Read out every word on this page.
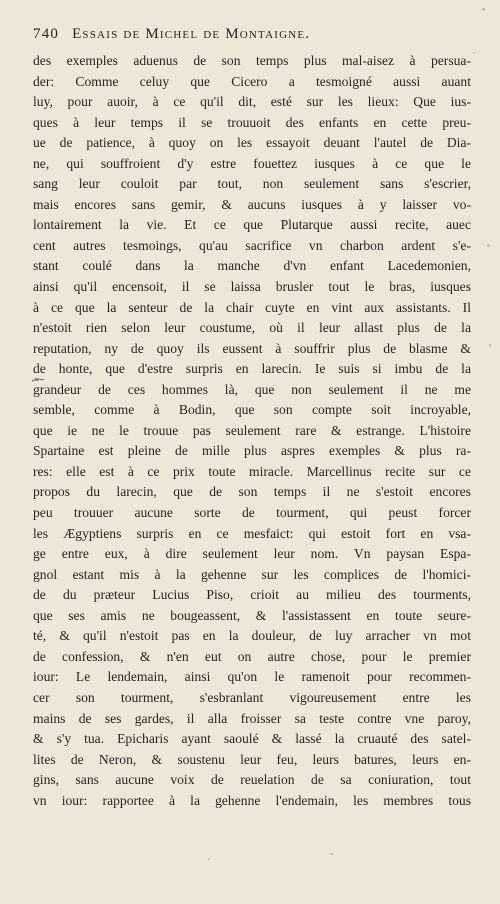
740 Essais de Michel de Montaigne.
des exemples aduenus de son temps plus mal-aisez à persua-
der: Comme celuy que Cicero a tesmoigné aussi auant
luy, pour auoir, à ce qu'il dit, esté sur les lieux: Que ius-
ques à leur temps il se trouuoit des enfants en cette preu-
ue de patience, à quoy on les essayoit deuant l'autel de Dia-
ne, qui souffroient d'y estre fouettez iusques à ce que le
sang leur couloit par tout, non seulement sans s'escrier,
mais encores sans gemir, & aucuns iusques à y laisser vo-
lontairement la vie. Et ce que Plutarque aussi recite, auec
cent autres tesmoings, qu'au sacrifice vn charbon ardent s'e-
stant coulé dans la manche d'vn enfant Lacedemonien,
ainsi qu'il encensoit, il se laissa brusler tout le bras, iusques
à ce que la senteur de la chair cuyte en vint aux assistants. Il
n'estoit rien selon leur coustume, où il leur allast plus de la
reputation, ny de quoy ils eussent à souffrir plus de blasme &
de honte, que d'estre surpris en larecin. Ie suis si imbu de la
grandeur de ces hommes là, que non seulement il ne me
semble, comme à Bodin, que son compte soit incroyable,
que ie ne le trouue pas seulement rare & estrange. L'histoire
Spartaine est pleine de mille plus aspres exemples & plus ra-
res: elle est à ce prix toute miracle. Marcellinus recite sur ce
propos du larecin, que de son temps il ne s'estoit encores
peu trouuer aucune sorte de tourment, qui peust forcer
les Ægyptiens surpris en ce mesfaict: qui estoit fort en vsa-
ge entre eux, à dire seulement leur nom. Vn paysan Espa-
gnol estant mis à la gehenne sur les complices de l'homici-
de du præteur Lucius Piso, crioit au milieu des tourments,
que ses amis ne bougeassent, & l'assistassent en toute seure-
té, & qu'il n'estoit pas en la douleur, de luy arracher vn mot
de confession, & n'en eut on autre chose, pour le premier
iour: Le lendemain, ainsi qu'on le ramenoit pour recommen-
cer son tourment, s'esbranlant vigoureusement entre les
mains de ses gardes, il alla froisser sa teste contre vne paroy,
& s'y tua. Epicharis ayant saoulé & lassé la cruauté des satel-
lites de Neron, & soustenu leur feu, leurs batures, leurs en-
gins, sans aucune voix de reuelation de sa coniuration, tout
vn iour: rapportee à la gehenne l'endemain, les membres tous
